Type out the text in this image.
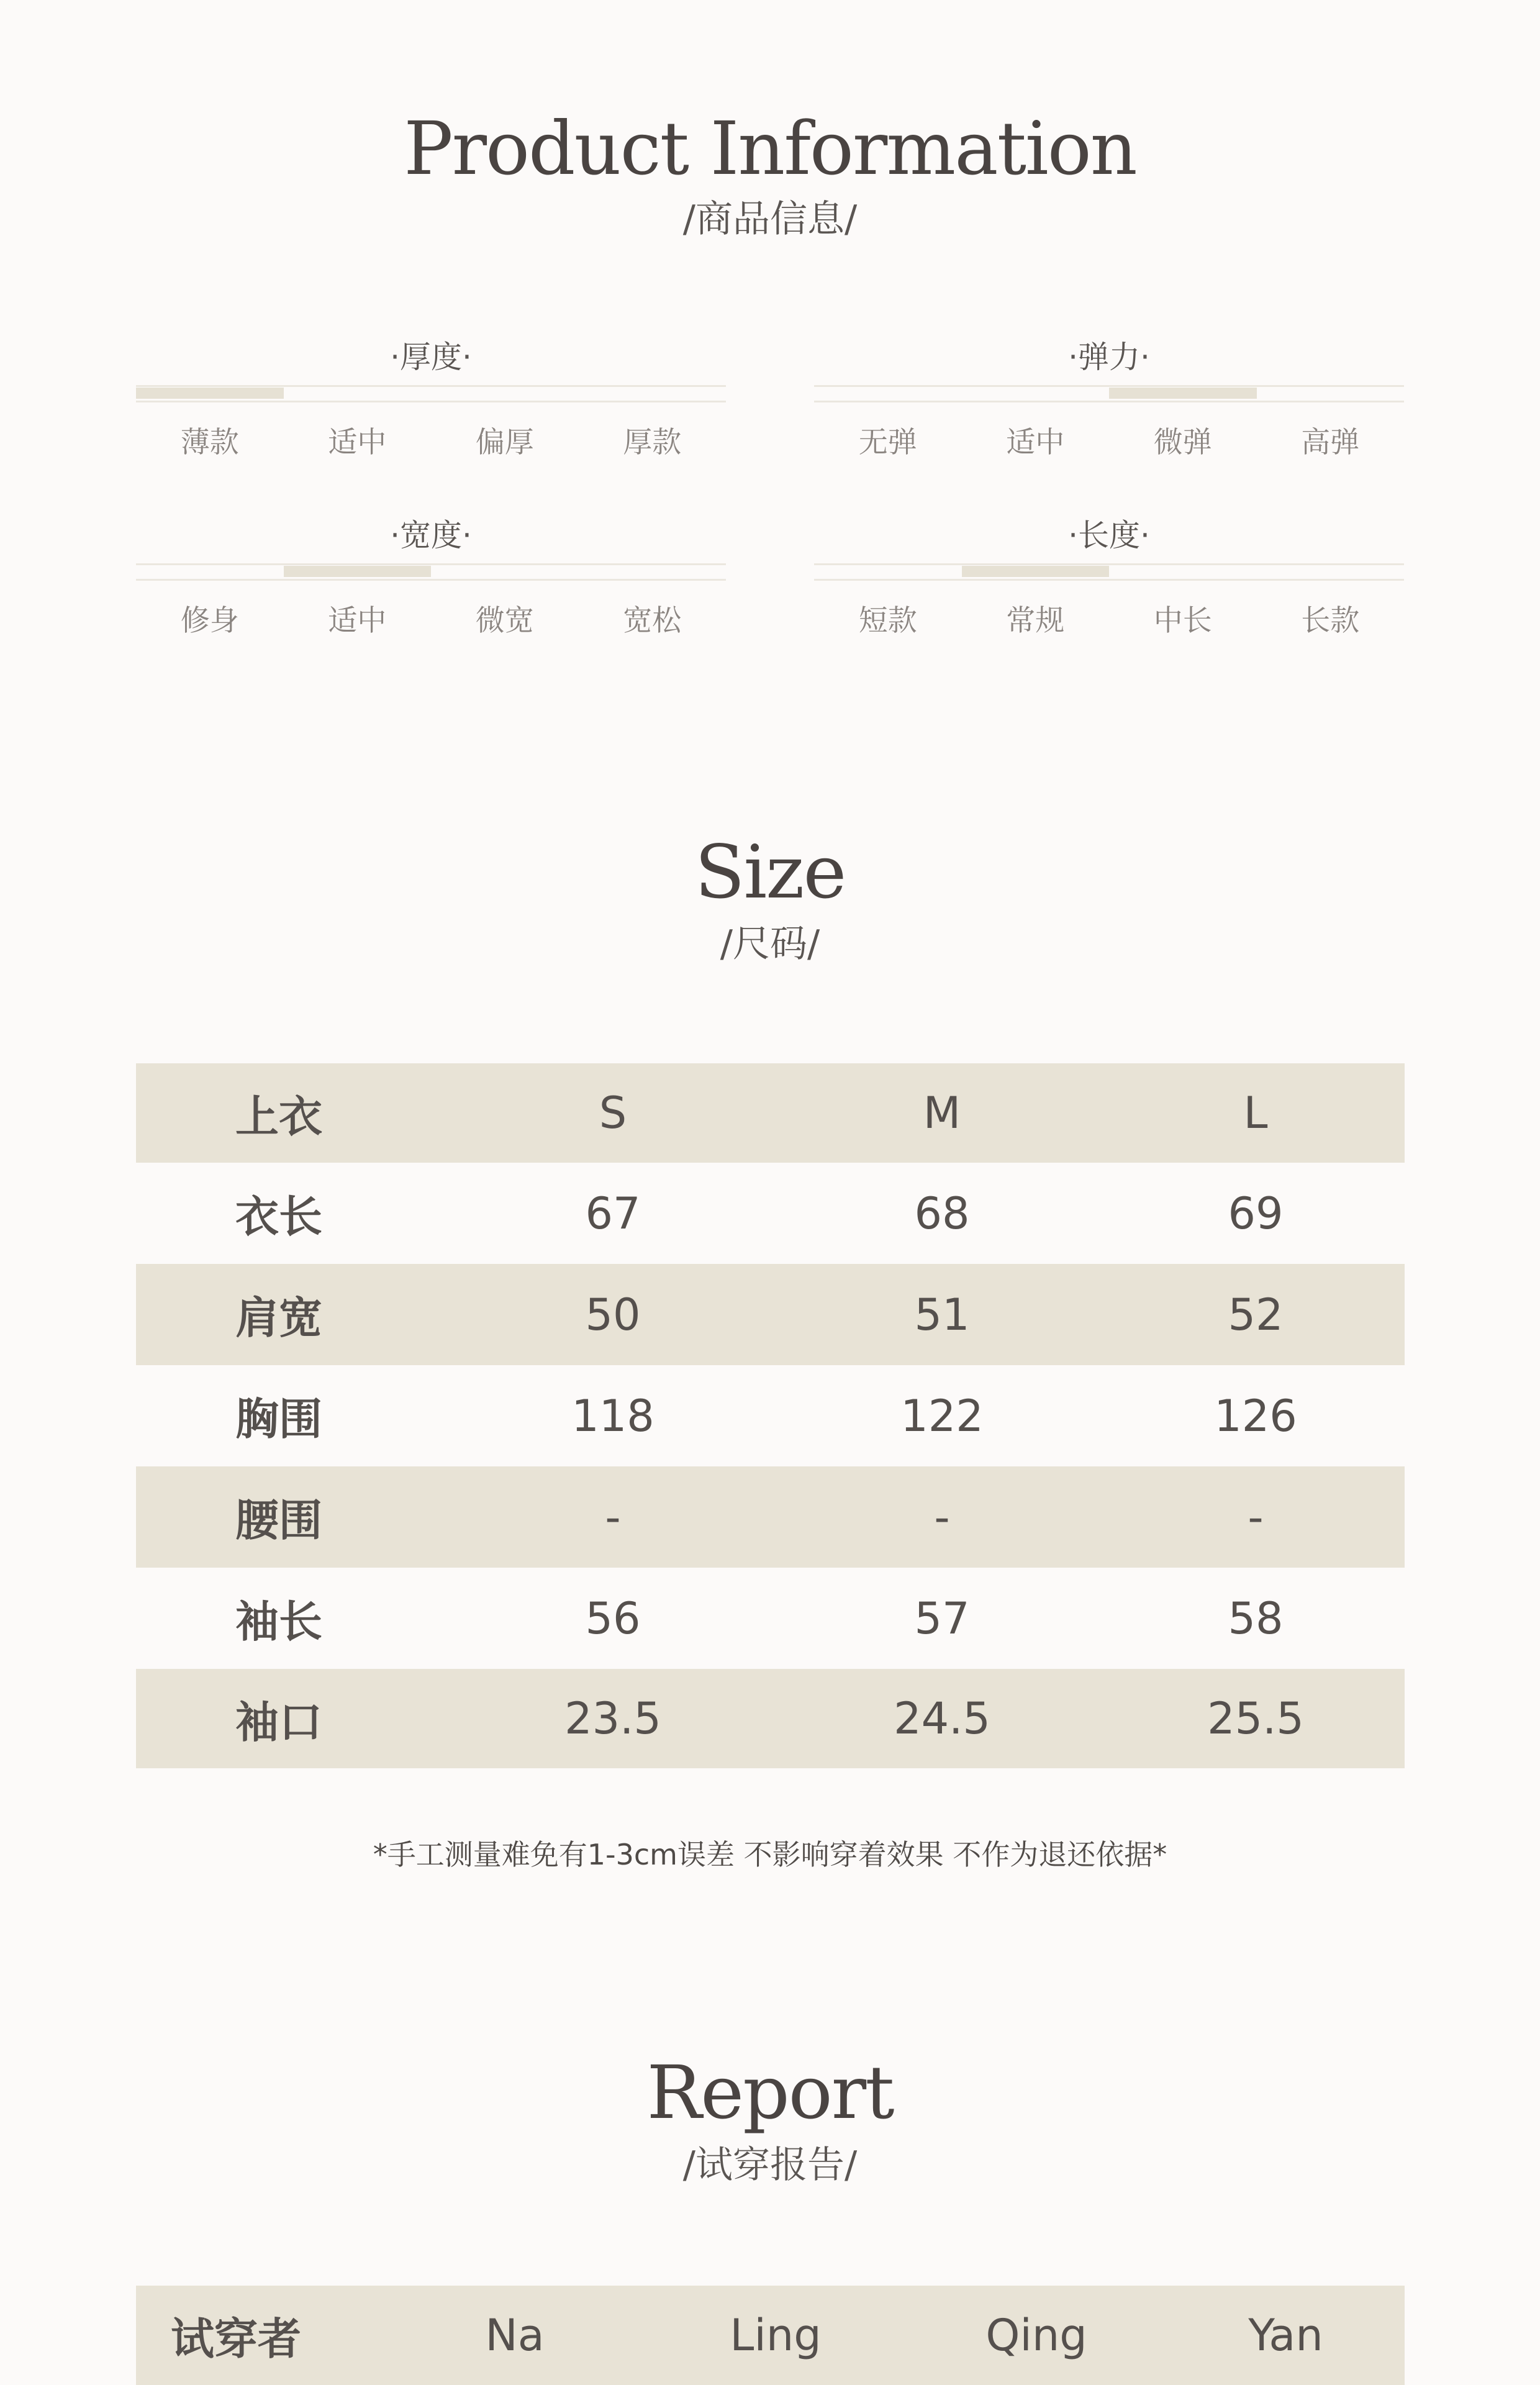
Product Information
/商品信息/
·厚度·
薄款	适中	偏厚	厚款
·弹力·
无弹	适中	微弹	高弹
·宽度·
修身	适中	微宽	宽松
·长度·
短款	常规	中长	长款
Size
/尺码/
上衣	S	M	L
衣长	67	68	69
肩宽	50	51	52
胸围	118	122	126
腰围	-	-	-
袖长	56	57	58
袖口	23.5	24.5	25.5
*手工测量难免有1-3cm误差 不影响穿着效果 不作为退还依据*
Report
/试穿报告/
试穿者	Na	Ling	Qing	Yan
